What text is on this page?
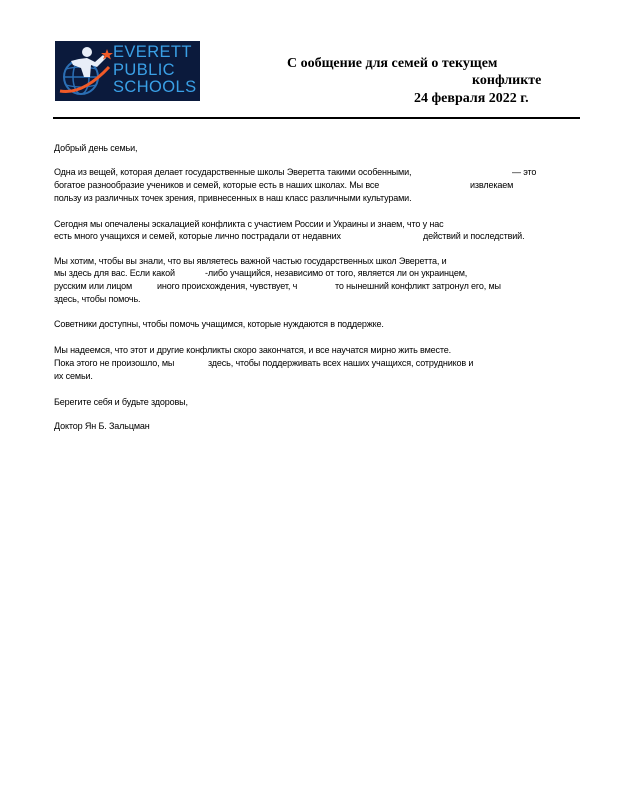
EVERETT
PUBLIC
SCHOOLS
С ообщение для семей о текущем
конфликте
24 февраля 2022 г.
Добрый день семьи,
Одна из вещей, которая делает государственные школы Эверетта такими особенными,	— это
богатое разнообразие учеников и семей, которые есть в наших школах. Мы все	извлекаем
пользу из различных точек зрения, привнесенных в наш класс различными культурами.
Сегодня мы опечалены эскалацией конфликта с участием России и Украины и знаем, что у нас
есть много учащихся и семей, которые лично пострадали от недавних	действий и последствий.
Мы хотим, чтобы вы знали, что вы являетесь важной частью государственных школ Эверетта, и
мы здесь для вас. Если какой	-либо учащийся, независимо от того, является ли он украинцем,
русским или лицом	иного происхождения, чувствует, ч	то нынешний конфликт затронул его, мы
здесь, чтобы помочь.
Советники доступны, чтобы помочь учащимся, которые нуждаются в поддержке.
Мы надеемся, что этот и другие конфликты скоро закончатся, и все научатся мирно жить вместе.
Пока этого не произошло, мы	здесь, чтобы поддерживать всех наших учащихся, сотрудников и
их семьи.
Берегите себя и будьте здоровы,
Доктор Ян Б. Зальцман
